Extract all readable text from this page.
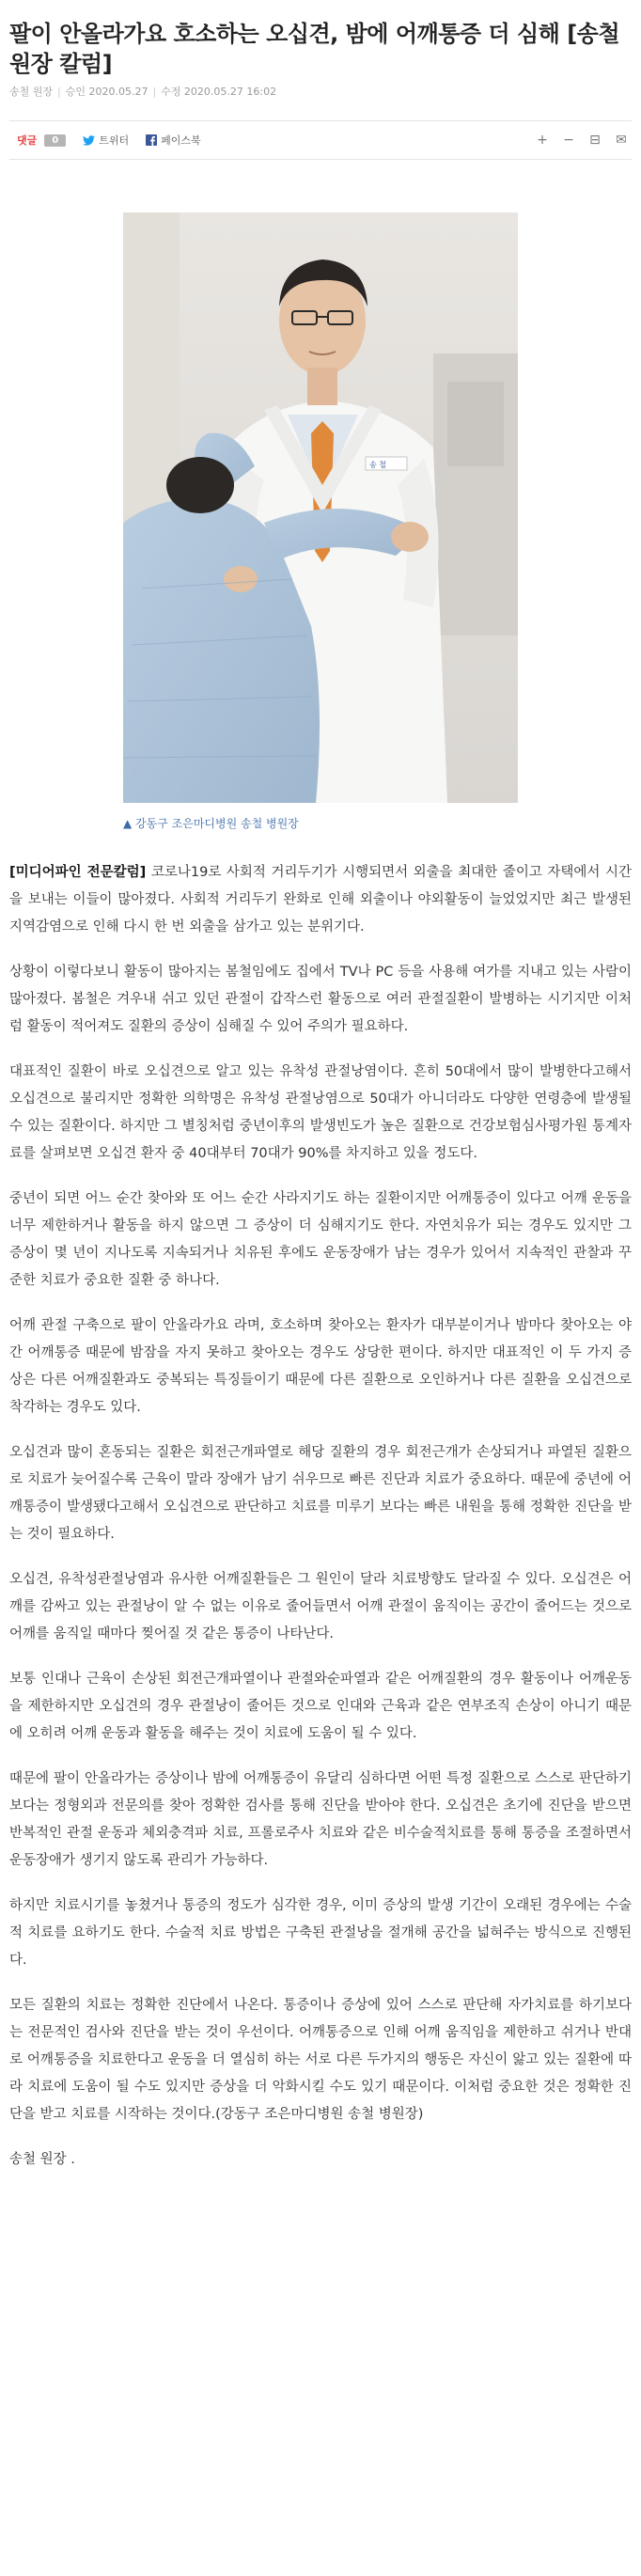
팔이 안올라가요 호소하는 오십견, 밤에 어깨통증 더 심해 [송철 원장 칼럼]
송철 원장 | 승인 2020.05.27 | 수정 2020.05.27 16:02
댓글	0	트위터	페이스북	+ − ⊟ ✉
송 철
▲ 강동구 조은마디병원 송철 병원장

[미디어파인 전문칼럼] 코로나19로 사회적 거리두기가 시행되면서 외출을 최대한 줄이고 자택에서 시간을 보내는 이들이 많아졌다. 사회적 거리두기 완화로 인해 외출이나 야외활동이 늘었었지만 최근 발생된 지역감염으로 인해 다시 한 번 외출을 삼가고 있는 분위기다.

상황이 이렇다보니 활동이 많아지는 봄철임에도 집에서 TV나 PC 등을 사용해 여가를 지내고 있는 사람이 많아졌다. 봄철은 겨우내 쉬고 있던 관절이 갑작스런 활동으로 여러 관절질환이 발병하는 시기지만 이처럼 활동이 적어져도 질환의 증상이 심해질 수 있어 주의가 필요하다.

대표적인 질환이 바로 오십견으로 알고 있는 유착성 관절낭염이다. 흔히 50대에서 많이 발병한다고해서 오십견으로 불리지만 정확한 의학명은 유착성 관절낭염으로 50대가 아니더라도 다양한 연령층에 발생될 수 있는 질환이다. 하지만 그 별칭처럼 중년이후의 발생빈도가 높은 질환으로 건강보험심사평가원 통계자료를 살펴보면 오십견 환자 중 40대부터 70대가 90%를 차지하고 있을 정도다.

중년이 되면 어느 순간 찾아와 또 어느 순간 사라지기도 하는 질환이지만 어깨통증이 있다고 어깨 운동을 너무 제한하거나 활동을 하지 않으면 그 증상이 더 심해지기도 한다. 자연치유가 되는 경우도 있지만 그 증상이 몇 년이 지나도록 지속되거나 치유된 후에도 운동장애가 남는 경우가 있어서 지속적인 관찰과 꾸준한 치료가 중요한 질환 중 하나다.

어깨 관절 구축으로 팔이 안올라가요 라며, 호소하며 찾아오는 환자가 대부분이거나 밤마다 찾아오는 야간 어깨통증 때문에 밤잠을 자지 못하고 찾아오는 경우도 상당한 편이다. 하지만 대표적인 이 두 가지 증상은 다른 어깨질환과도 중복되는 특징들이기 때문에 다른 질환으로 오인하거나 다른 질환을 오십견으로 착각하는 경우도 있다.

오십견과 많이 혼동되는 질환은 회전근개파열로 해당 질환의 경우 회전근개가 손상되거나 파열된 질환으로 치료가 늦어질수록 근육이 말라 장애가 남기 쉬우므로 빠른 진단과 치료가 중요하다. 때문에 중년에 어깨통증이 발생됐다고해서 오십견으로 판단하고 치료를 미루기 보다는 빠른 내원을 통해 정확한 진단을 받는 것이 필요하다.

오십견, 유착성관절낭염과 유사한 어깨질환들은 그 원인이 달라 치료방향도 달라질 수 있다. 오십견은 어깨를 감싸고 있는 관절낭이 알 수 없는 이유로 줄어들면서 어깨 관절이 움직이는 공간이 줄어드는 것으로 어깨를 움직일 때마다 찢어질 것 같은 통증이 나타난다.

보통 인대나 근육이 손상된 회전근개파열이나 관절와순파열과 같은 어깨질환의 경우 활동이나 어깨운동을 제한하지만 오십견의 경우 관절낭이 줄어든 것으로 인대와 근육과 같은 연부조직 손상이 아니기 때문에 오히려 어깨 운동과 활동을 해주는 것이 치료에 도움이 될 수 있다.

때문에 팔이 안올라가는 증상이나 밤에 어깨통증이 유달리 심하다면 어떤 특정 질환으로 스스로 판단하기 보다는 정형외과 전문의를 찾아 정확한 검사를 통해 진단을 받아야 한다. 오십견은 초기에 진단을 받으면 반복적인 관절 운동과 체외충격파 치료, 프롤로주사 치료와 같은 비수술적치료를 통해 통증을 조절하면서 운동장애가 생기지 않도록 관리가 가능하다.

하지만 치료시기를 놓쳤거나 통증의 정도가 심각한 경우, 이미 증상의 발생 기간이 오래된 경우에는 수술적 치료를 요하기도 한다. 수술적 치료 방법은 구축된 관절낭을 절개해 공간을 넓혀주는 방식으로 진행된다.

모든 질환의 치료는 정확한 진단에서 나온다. 통증이나 증상에 있어 스스로 판단해 자가치료를 하기보다는 전문적인 검사와 진단을 받는 것이 우선이다. 어깨통증으로 인해 어깨 움직임을 제한하고 쉬거나 반대로 어깨통증을 치료한다고 운동을 더 열심히 하는 서로 다른 두가지의 행동은 자신이 앓고 있는 질환에 따라 치료에 도움이 될 수도 있지만 증상을 더 악화시킬 수도 있기 때문이다. 이처럼 중요한 것은 정확한 진단을 받고 치료를 시작하는 것이다.(강동구 조은마디병원 송철 병원장)

송철 원장 .
